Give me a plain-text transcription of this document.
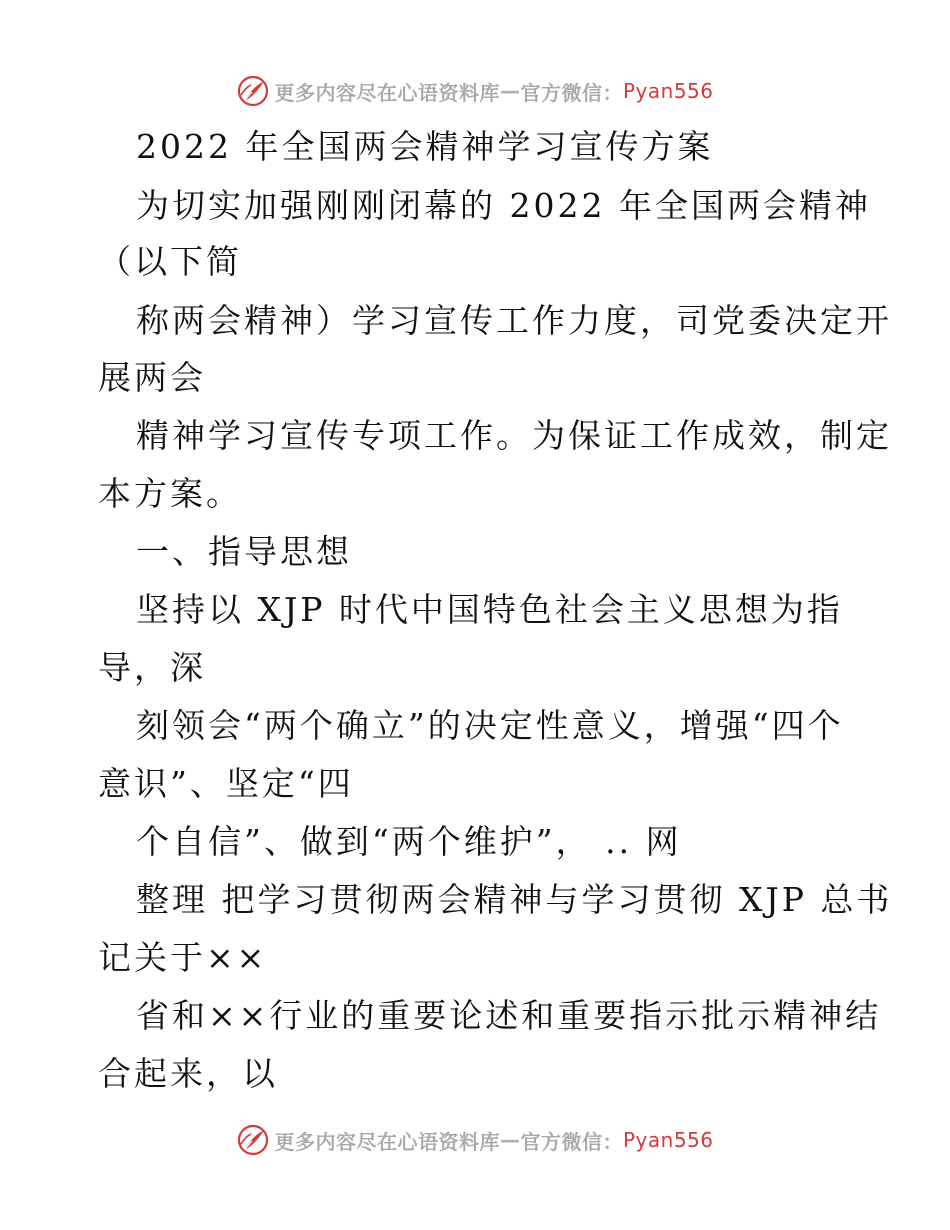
更多内容尽在心语资料库 — 官方微信： Pyan556
2022 年全国两会精神学习宣传方案
为切实加强刚刚闭幕的 2022 年全国两会精神
（以下简
称两会精神）学习宣传工作力度，司党委决定开
展两会
精神学习宣传专项工作。为保证工作成效，制定
本方案。
一、指导思想
坚持以 XJP 时代中国特色社会主义思想为指
导，深
刻领会“两个确立”的决定性意义，增强“四个
意识”、坚定“四
个自信”、做到“两个维护”， .. 网
整理 把学习贯彻两会精神与学习贯彻 XJP 总书
记关于××
省和××行业的重要论述和重要指示批示精神结
合起来，以
更多内容尽在心语资料库 — 官方微信： Pyan556
